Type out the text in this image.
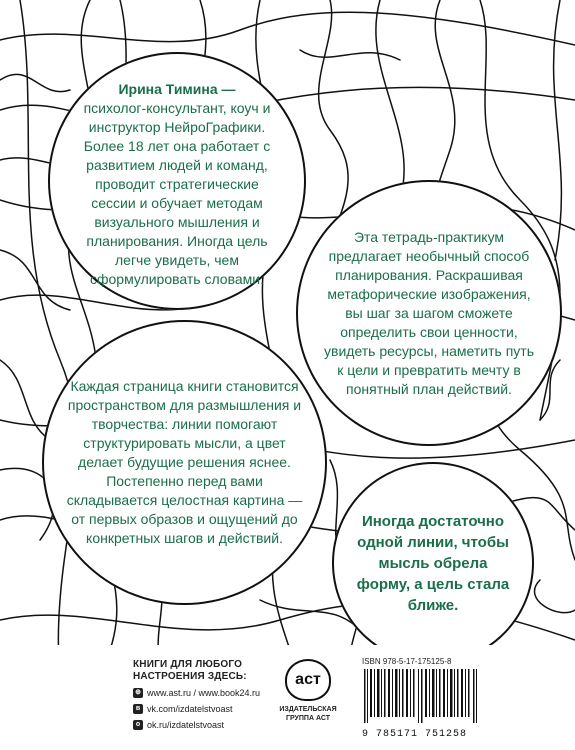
Ирина Тимина —
психолог-консультант, коуч и инструктор НейроГрафики. Более 18 лет она работает с развитием людей и команд, проводит стратегические сессии и обучает методам визуального мышления и планирования. Иногда цель легче увидеть, чем сформулировать словами.

Эта тетрадь-практикум предлагает необычный способ планирования. Раскрашивая метафорические изображения, вы шаг за шагом сможете определить свои ценности, увидеть ресурсы, наметить путь к цели и превратить мечту в понятный план действий.

Каждая страница книги становится пространством для размышления и творчества: линии помогают структурировать мысли, а цвет делает будущие решения яснее. Постепенно перед вами складывается целостная картина — от первых образов и ощущений до конкретных шагов и действий.

Иногда достаточно одной линии, чтобы мысль обрела форму, а цель стала ближе.

КНИГИ ДЛЯ ЛЮБОГО НАСТРОЕНИЯ ЗДЕСЬ:
⊕ www.ast.ru / www.book24.ru
в vk.com/izdatelstvoast
o ok.ru/izdatelstvoast
аст
ИЗДАТЕЛЬСКАЯ ГРУППА АСТ
ISBN 978-5-17-175125-8
9 785171 751258
